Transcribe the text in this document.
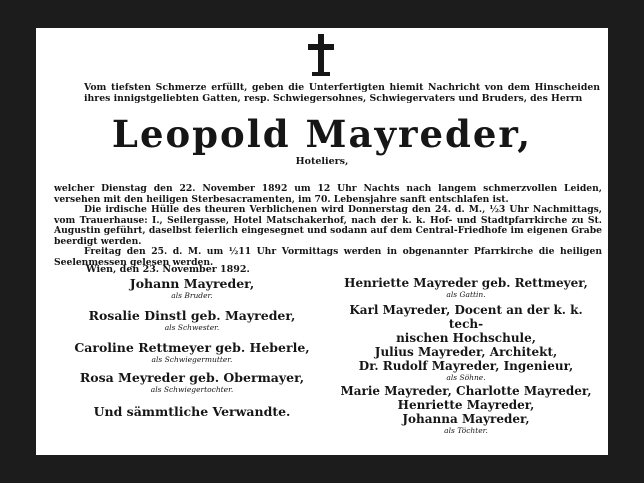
Vom tiefsten Schmerze erfüllt, geben die Unterfertigten hiemit Nachricht von dem Hinscheiden ihres innigstgeliebten Gatten, resp. Schwiegersohnes, Schwiegervaters und Bruders, des Herrn
Leopold Mayreder,
Hoteliers,

welcher Dienstag den 22. November 1892 um 12 Uhr Nachts nach langem schmerzvollen Leiden, versehen mit den heiligen Sterbesacramenten, im 70. Lebensjahre sanft entschlafen ist.

Die irdische Hülle des theuren Verblichenen wird Donnerstag den 24. d. M., ½3 Uhr Nachmittags, vom Trauerhause: I., Seilergasse, Hotel Matschakerhof, nach der k. k. Hof- und Stadtpfarrkirche zu St. Augustin geführt, daselbst feierlich eingesegnet und sodann auf dem Central-Friedhofe im eigenen Grabe beerdigt werden.

Freitag den 25. d. M. um ½11 Uhr Vormittags werden in obgenannter Pfarrkirche die heiligen Seelenmessen gelesen werden.

Wien, den 23. November 1892.
Johann Mayreder,
als Bruder.
Rosalie Dinstl geb. Mayreder,
als Schwester.
Caroline Rettmeyer geb. Heberle,
als Schwiegermutter.
Rosa Meyreder geb. Obermayer,
als Schwiegertochter.
Und sämmtliche Verwandte.
Henriette Mayreder geb. Rettmeyer,
als Gattin.
Karl Mayreder, Docent an der k. k. tech-
nischen Hochschule,
Julius Mayreder, Architekt,
Dr. Rudolf Mayreder, Ingenieur,
als Söhne.
Marie Mayreder, Charlotte Mayreder,
Henriette Mayreder,
Johanna Mayreder,
als Töchter.
